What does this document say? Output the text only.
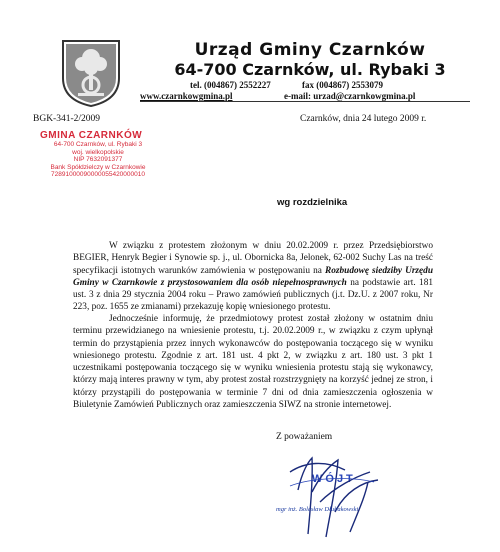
Urząd Gminy Czarnków
64-700 Czarnków, ul. Rybaki 3
tel. (004867) 2552227	fax (004867) 2553079
www.czarnkowgmina.pl	e-mail: urzad@czarnkowgmina.pl
BGK-341-2/2009	Czarnków, dnia 24 lutego 2009 r.
GMINA CZARNKÓW
64-700 Czarnków, ul. Rybaki 3
woj. wielkopolskie
NIP 7632091377
Bank Spółdzielczy w Czarnkowie
72891000090000055420000010
wg rozdzielnika
W związku z protestem złożonym w dniu 20.02.2009 r. przez Przedsiębiorstwo BEGIER, Henryk Begier i Synowie sp. j., ul. Obornicka 8a, Jelonek, 62-002 Suchy Las na treść specyfikacji istotnych warunków zamówienia w postępowaniu na Rozbudowę siedziby Urzędu Gminy w Czarnkowie z przystosowaniem dla osób niepełnosprawnych na podstawie art. 181 ust. 3 z dnia 29 stycznia 2004 roku – Prawo zamówień publicznych (j.t. Dz.U. z 2007 roku, Nr 223, poz. 1655 ze zmianami) przekazuję kopię wniesionego protestu.
Jednocześnie informuję, że przedmiotowy protest został złożony w ostatnim dniu terminu przewidzianego na wniesienie protestu, t.j. 20.02.2009 r., w związku z czym upłynął termin do przystąpienia przez innych wykonawców do postępowania toczącego się w wyniku wniesionego protestu. Zgodnie z art. 181 ust. 4 pkt 2, w związku z art. 180 ust. 3 pkt 1 uczestnikami postępowania toczącego się w wyniku wniesienia protestu stają się wykonawcy, którzy mają interes prawny w tym, aby protest został rozstrzygnięty na korzyść jednej ze stron, i którzy przystąpili do postępowania w terminie 7 dni od dnia zamieszczenia ogłoszenia w Biuletynie Zamówień Publicznych oraz zamieszczenia SIWZ na stronie internetowej.
Z poważaniem
WÓJT
mgr inż. Bolesław Dłubakowski
